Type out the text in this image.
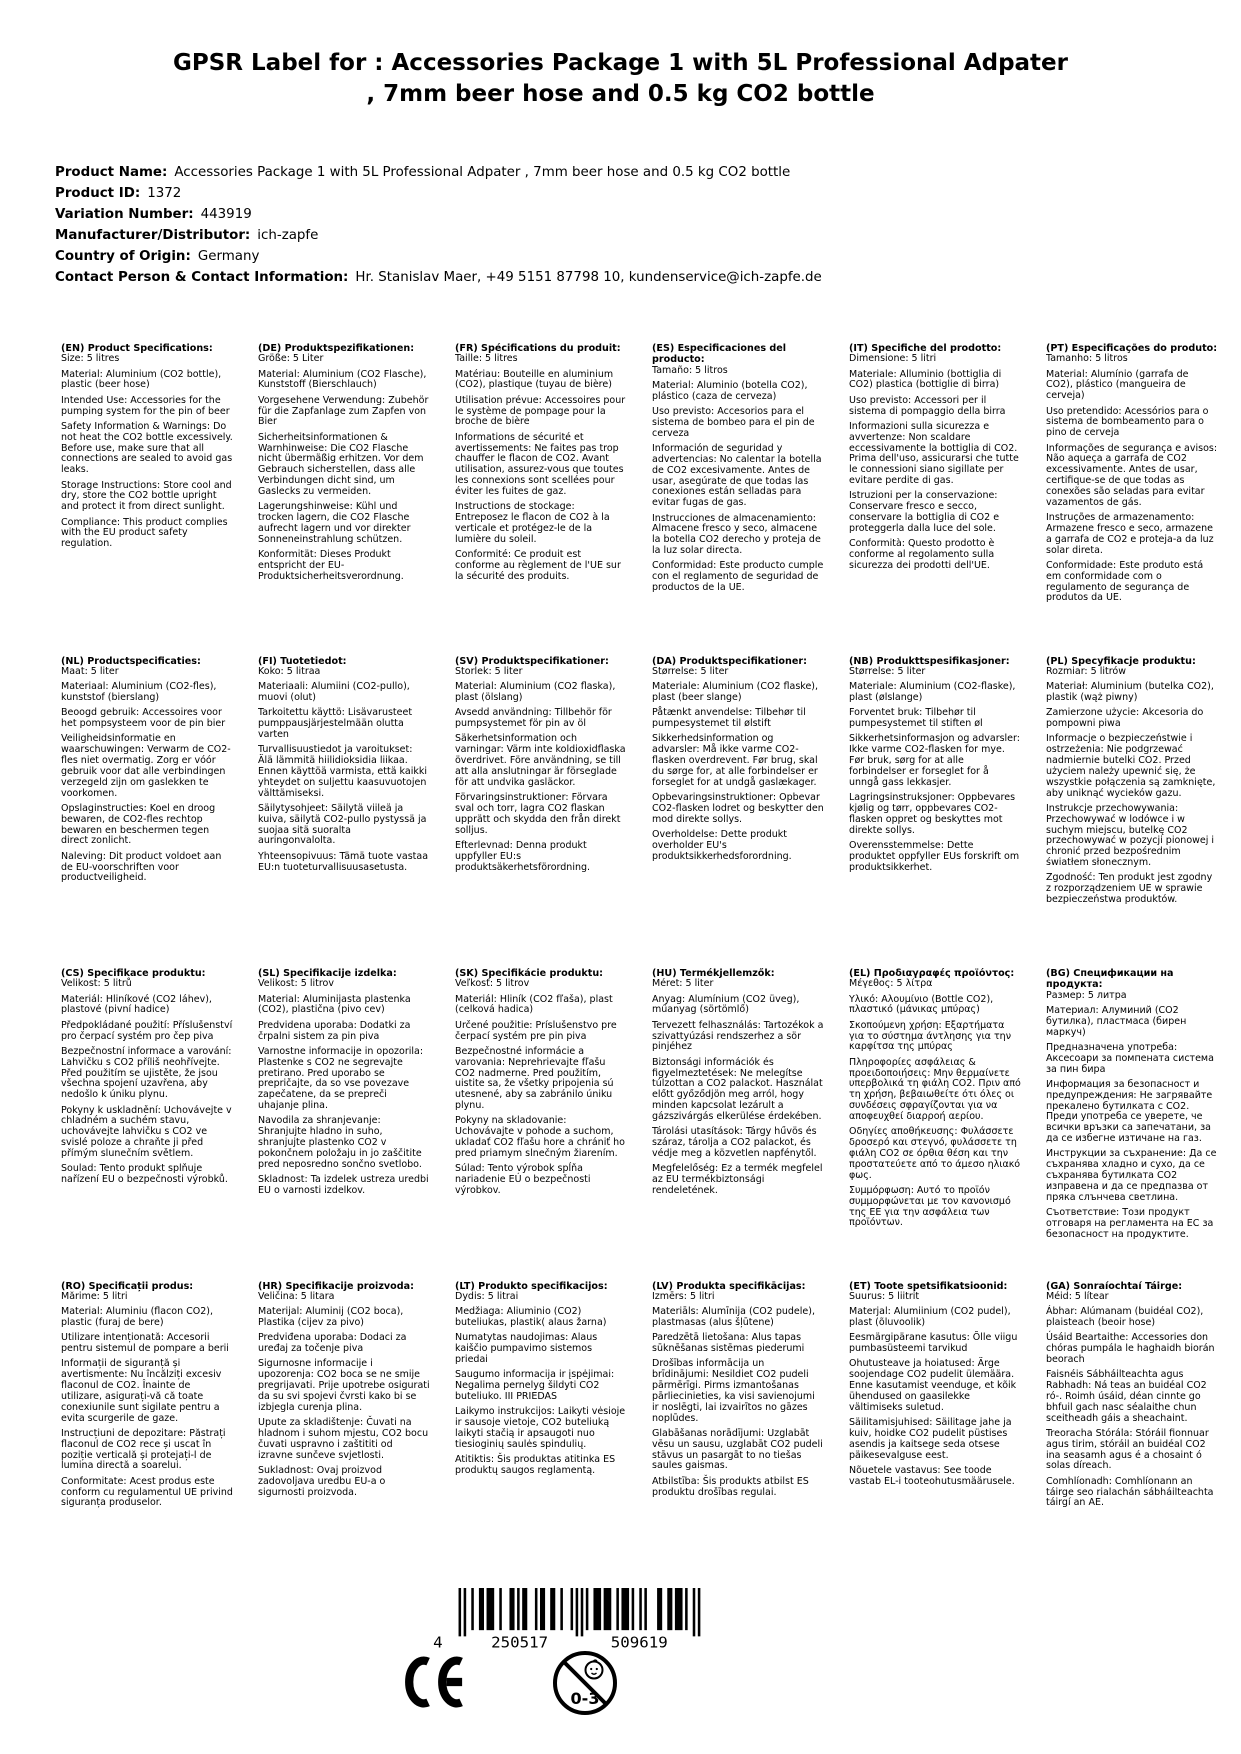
GPSR Label for : Accessories Package 1 with 5L Professional Adpater
, 7mm beer hose and 0.5 kg CO2 bottle
Product Name: Accessories Package 1 with 5L Professional Adpater , 7mm beer hose and 0.5 kg CO2 bottle
Product ID: 1372
Variation Number: 443919
Manufacturer/Distributor: ich-zapfe
Country of Origin: Germany
Contact Person & Contact Information: Hr. Stanislav Maer, +49 5151 87798 10, kundenservice@ich-zapfe.de
(EN) Product Specifications:

Size: 5 litres

Material: Aluminium (CO2 bottle), plastic (beer hose)

Intended Use: Accessories for the pumping system for the pin of beer

Safety Information & Warnings: Do not heat the CO2 bottle excessively. Before use, make sure that all connections are sealed to avoid gas leaks.

Storage Instructions: Store cool and dry, store the CO2 bottle upright and protect it from direct sunlight.

Compliance: This product complies with the EU product safety regulation.

(DE) Produktspezifikationen:

Größe: 5 Liter

Material: Aluminium (CO2 Flasche), Kunststoff (Bierschlauch)

Vorgesehene Verwendung: Zubehör für die Zapfanlage zum Zapfen von Bier

Sicherheitsinformationen & Warnhinweise: Die CO2 Flasche nicht übermäßig erhitzen. Vor dem Gebrauch sicherstellen, dass alle Verbindungen dicht sind, um Gaslecks zu vermeiden.

Lagerungshinweise: Kühl und trocken lagern, die CO2 Flasche aufrecht lagern und vor direkter Sonneneinstrahlung schützen.

Konformität: Dieses Produkt entspricht der EU-Produktsicherheitsverordnung.

(FR) Spécifications du produit:

Taille: 5 litres

Matériau: Bouteille en aluminium (CO2), plastique (tuyau de bière)

Utilisation prévue: Accessoires pour le système de pompage pour la broche de bière

Informations de sécurité et avertissements: Ne faites pas trop chauffer le flacon de CO2. Avant utilisation, assurez-vous que toutes les connexions sont scellées pour éviter les fuites de gaz.

Instructions de stockage: Entreposez le flacon de CO2 à la verticale et protégez-le de la lumière du soleil.

Conformité: Ce produit est conforme au règlement de l'UE sur la sécurité des produits.

(ES) Especificaciones del producto:

Tamaño: 5 litros

Material: Aluminio (botella CO2), plástico (caza de cerveza)

Uso previsto: Accesorios para el sistema de bombeo para el pin de cerveza

Información de seguridad y advertencias: No calentar la botella de CO2 excesivamente. Antes de usar, asegúrate de que todas las conexiones están selladas para evitar fugas de gas.

Instrucciones de almacenamiento: Almacene fresco y seco, almacene la botella CO2 derecho y proteja de la luz solar directa.

Conformidad: Este producto cumple con el reglamento de seguridad de productos de la UE.

(IT) Specifiche del prodotto:

Dimensione: 5 litri

Materiale: Alluminio (bottiglia di CO2) plastica (bottiglie di birra)

Uso previsto: Accessori per il sistema di pompaggio della birra

Informazioni sulla sicurezza e avvertenze: Non scaldare eccessivamente la bottiglia di CO2. Prima dell'uso, assicurarsi che tutte le connessioni siano sigillate per evitare perdite di gas.

Istruzioni per la conservazione: Conservare fresco e secco, conservare la bottiglia di CO2 e proteggerla dalla luce del sole.

Conformità: Questo prodotto è conforme al regolamento sulla sicurezza dei prodotti dell'UE.

(PT) Especificações do produto:

Tamanho: 5 litros

Material: Alumínio (garrafa de CO2), plástico (mangueira de cerveja)

Uso pretendido: Acessórios para o sistema de bombeamento para o pino de cerveja

Informações de segurança e avisos: Não aqueça a garrafa de CO2 excessivamente. Antes de usar, certifique-se de que todas as conexões são seladas para evitar vazamentos de gás.

Instruções de armazenamento: Armazene fresco e seco, armazene a garrafa de CO2 e proteja-a da luz solar direta.

Conformidade: Este produto está em conformidade com o regulamento de segurança de produtos da UE.

(NL) Productspecificaties:

Maat: 5 liter

Materiaal: Aluminium (CO2-fles), kunststof (bierslang)

Beoogd gebruik: Accessoires voor het pompsysteem voor de pin bier

Veiligheidsinformatie en waarschuwingen: Verwarm de CO2-fles niet overmatig. Zorg er vóór gebruik voor dat alle verbindingen verzegeld zijn om gaslekken te voorkomen.

Opslaginstructies: Koel en droog bewaren, de CO2-fles rechtop bewaren en beschermen tegen direct zonlicht.

Naleving: Dit product voldoet aan de EU-voorschriften voor productveiligheid.

(FI) Tuotetiedot:

Koko: 5 litraa

Materiaali: Alumiini (CO2-pullo), muovi (olut)

Tarkoitettu käyttö: Lisävarusteet pumppausjärjestelmään olutta varten

Turvallisuustiedot ja varoitukset: Älä lämmitä hiilidioksidia liikaa. Ennen käyttöä varmista, että kaikki yhteydet on suljettu kaasuvuotojen välttämiseksi.

Säilytysohjeet: Säilytä viileä ja kuiva, säilytä CO2-pullo pystyssä ja suojaa sitä suoralta auringonvalolta.

Yhteensopivuus: Tämä tuote vastaa EU:n tuoteturvallisuusasetusta.

(SV) Produktspecifikationer:

Storlek: 5 liter

Material: Aluminium (CO2 flaska), plast (ölslang)

Avsedd användning: Tillbehör för pumpsystemet för pin av öl

Säkerhetsinformation och varningar: Värm inte koldioxidflaska överdrivet. Före användning, se till att alla anslutningar är förseglade för att undvika gasläckor.

Förvaringsinstruktioner: Förvara sval och torr, lagra CO2 flaskan upprätt och skydda den från direkt solljus.

Efterlevnad: Denna produkt uppfyller EU:s produktsäkerhetsförordning.

(DA) Produktspecifikationer:

Størrelse: 5 liter

Materiale: Aluminium (CO2 flaske), plast (beer slange)

Påtænkt anvendelse: Tilbehør til pumpesystemet til ølstift

Sikkerhedsinformation og advarsler: Må ikke varme CO2-flasken overdrevent. Før brug, skal du sørge for, at alle forbindelser er forseglet for at undgå gaslækager.

Opbevaringsinstruktioner: Opbevar CO2-flasken lodret og beskytter den mod direkte sollys.

Overholdelse: Dette produkt overholder EU's produktsikkerhedsforordning.

(NB) Produkttspesifikasjoner:

Størrelse: 5 liter

Materiale: Aluminium (CO2-flaske), plast (ølslange)

Forventet bruk: Tilbehør til pumpesystemet til stiften øl

Sikkerhetsinformasjon og advarsler: Ikke varme CO2-flasken for mye. Før bruk, sørg for at alle forbindelser er forseglet for å unngå gass lekkasjer.

Lagringsinstruksjoner: Oppbevares kjølig og tørr, oppbevares CO2-flasken oppret og beskyttes mot direkte sollys.

Overensstemmelse: Dette produktet oppfyller EUs forskrift om produktsikkerhet.

(PL) Specyfikacje produktu:

Rozmiar: 5 litrów

Materiał: Aluminium (butelka CO2), plastik (wąż piwny)

Zamierzone użycie: Akcesoria do pompowni piwa

Informacje o bezpieczeństwie i ostrzeżenia: Nie podgrzewać nadmiernie butelki CO2. Przed użyciem należy upewnić się, że wszystkie połączenia są zamknięte, aby uniknąć wycieków gazu.

Instrukcje przechowywania: Przechowywać w lodówce i w suchym miejscu, butelkę CO2 przechowywać w pozycji pionowej i chronić przed bezpośrednim światłem słonecznym.

Zgodność: Ten produkt jest zgodny z rozporządzeniem UE w sprawie bezpieczeństwa produktów.

(CS) Specifikace produktu:

Velikost: 5 litrů

Materiál: Hliníkové (CO2 láhev), plastové (pivní hadice)

Předpokládané použití: Příslušenství pro čerpací systém pro čep piva

Bezpečnostní informace a varování: Lahvičku s CO2 příliš neohřívejte. Před použitím se ujistěte, že jsou všechna spojení uzavřena, aby nedošlo k úniku plynu.

Pokyny k uskladnění: Uchovávejte v chladném a suchém stavu, uchovávejte lahvičku s CO2 ve svislé poloze a chraňte ji před přímým slunečním světlem.

Soulad: Tento produkt splňuje nařízení EU o bezpečnosti výrobků.

(SL) Specifikacije izdelka:

Velikost: 5 litrov

Material: Aluminijasta plastenka (CO2), plastična (pivo cev)

Predvidena uporaba: Dodatki za črpalni sistem za pin piva

Varnostne informacije in opozorila: Plastenke s CO2 ne segrevajte pretirano. Pred uporabo se prepričajte, da so vse povezave zapečatene, da se prepreči uhajanje plina.

Navodila za shranjevanje: Shranjujte hladno in suho, shranjujte plastenko CO2 v pokončnem položaju in jo zaščitite pred neposredno sončno svetlobo.

Skladnost: Ta izdelek ustreza uredbi EU o varnosti izdelkov.

(SK) Špecifikácie produktu:

Veľkosť: 5 litrov

Materiál: Hliník (CO2 fľaša), plast (celková hadica)

Určené použitie: Príslušenstvo pre čerpací systém pre pin piva

Bezpečnostné informácie a varovania: Neprehrievajte fľašu CO2 nadmerne. Pred použitím, uistite sa, že všetky pripojenia sú utesnené, aby sa zabránilo úniku plynu.

Pokyny na skladovanie: Uchovávajte v pohode a suchom, ukladať CO2 fľašu hore a chrániť ho pred priamym slnečným žiarením.

Súlad: Tento výrobok spĺňa nariadenie EÚ o bezpečnosti výrobkov.

(HU) Termékjellemzők:

Méret: 5 liter

Anyag: Alumínium (CO2 üveg), műanyag (sörtömlő)

Tervezett felhasználás: Tartozékok a szivattyúzási rendszerhez a sör pinjéhez

Biztonsági információk és figyelmeztetések: Ne melegítse túlzottan a CO2 palackot. Használat előtt győződjön meg arról, hogy minden kapcsolat lezárult a gázszivárgás elkerülése érdekében.

Tárolási utasítások: Tárgy hűvös és száraz, tárolja a CO2 palackot, és védje meg a közvetlen napfénytől.

Megfelelőség: Ez a termék megfelel az EU termékbiztonsági rendeletének.

(EL) Προδιαγραφές προϊόντος:

Μέγεθος: 5 λίτρα

Υλικό: Αλουμίνιο (Bottle CO2), πλαστικό (μάνικας μπύρας)

Σκοπούμενη χρήση: Εξαρτήματα για το σύστημα άντλησης για την καρφίτσα της μπύρας

Πληροφορίες ασφάλειας & προειδοποιήσεις: Μην θερμαίνετε υπερβολικά τη φιάλη CO2. Πριν από τη χρήση, βεβαιωθείτε ότι όλες οι συνδέσεις σφραγίζονται για να αποφευχθεί διαρροή αερίου.

Οδηγίες αποθήκευσης: Φυλάσσετε δροσερό και στεγνό, φυλάσσετε τη φιάλη CO2 σε όρθια θέση και την προστατεύετε από το άμεσο ηλιακό φως.

Συμμόρφωση: Αυτό το προϊόν συμμορφώνεται με τον κανονισμό της ΕΕ για την ασφάλεια των προϊόντων.

(BG) Спецификации на продукта:

Размер: 5 литра

Материал: Алуминий (CO2 бутилка), пластмаса (бирен маркуч)

Предназначена употреба: Аксесоари за помпената система за пин бира

Информация за безопасност и предупреждения: Не загрявайте прекалено бутилката с CO2. Преди употреба се уверете, че всички връзки са запечатани, за да се избегне изтичане на газ.

Инструкции за съхранение: Да се съхранява хладно и сухо, да се съхранява бутилката CO2 изправена и да се предпазва от пряка слънчева светлина.

Съответствие: Този продукт отговаря на регламента на ЕС за безопасност на продуктите.

(RO) Specificații produs:

Mărime: 5 litri

Material: Aluminiu (flacon CO2), plastic (furaj de bere)

Utilizare intenționată: Accesorii pentru sistemul de pompare a berii

Informații de siguranță și avertismente: Nu încălziți excesiv flaconul de CO2. Înainte de utilizare, asigurați-vă că toate conexiunile sunt sigilate pentru a evita scurgerile de gaze.

Instrucțiuni de depozitare: Păstrați flaconul de CO2 rece și uscat în poziție verticală și protejați-l de lumina directă a soarelui.

Conformitate: Acest produs este conform cu regulamentul UE privind siguranța produselor.

(HR) Specifikacije proizvoda:

Veličina: 5 litara

Materijal: Aluminij (CO2 boca), Plastika (cijev za pivo)

Predviđena uporaba: Dodaci za uređaj za točenje piva

Sigurnosne informacije i upozorenja: CO2 boca se ne smije pregrijavati. Prije upotrebe osigurati da su svi spojevi čvrsti kako bi se izbjegla curenja plina.

Upute za skladištenje: Čuvati na hladnom i suhom mjestu, CO2 bocu čuvati uspravno i zaštititi od izravne sunčeve svjetlosti.

Sukladnost: Ovaj proizvod zadovoljava uredbu EU-a o sigurnosti proizvoda.

(LT) Produkto specifikacijos:

Dydis: 5 litrai

Medžiaga: Aliuminio (CO2) buteliukas, plastik( alaus žarna)

Numatytas naudojimas: Alaus kaiščio pumpavimo sistemos priedai

Saugumo informacija ir įspėjimai: Negalima pernelyg šildyti CO2 buteliuko. III PRIEDAS

Laikymo instrukcijos: Laikyti vėsioje ir sausoje vietoje, CO2 buteliuką laikyti stačią ir apsaugoti nuo tiesioginių saulės spindulių.

Atitiktis: Šis produktas atitinka ES produktų saugos reglamentą.

(LV) Produkta specifikācijas:

Izmērs: 5 litri

Materiāls: Alumīnija (CO2 pudele), plastmasas (alus šļūtene)

Paredzētā lietošana: Alus tapas sūknēšanas sistēmas piederumi

Drošības informācija un brīdinājumi: Nesildiet CO2 pudeli pārmērīgi. Pirms izmantošanas pārliecinieties, ka visi savienojumi ir noslēgti, lai izvairītos no gāzes noplūdes.

Glabāšanas norādījumi: Uzglabāt vēsu un sausu, uzglabāt CO2 pudeli stāvus un pasargāt to no tiešas saules gaismas.

Atbilstība: Šis produkts atbilst ES produktu drošības regulai.

(ET) Toote spetsifikatsioonid:

Suurus: 5 liitrit

Materjal: Alumiinium (CO2 pudel), plast (õluvoolik)

Eesmärgipärane kasutus: Õlle viigu pumbasüsteemi tarvikud

Ohutusteave ja hoiatused: Ärge soojendage CO2 pudelit ülemäära. Enne kasutamist veenduge, et kõik ühendused on gaasilekke vältimiseks suletud.

Säilitamisjuhised: Säilitage jahe ja kuiv, hoidke CO2 pudelit püstises asendis ja kaitsege seda otsese päikesevalguse eest.

Nõuetele vastavus: See toode vastab EL-i tooteohutusmäärusele.

(GA) Sonraíochtaí Táirge:

Méid: 5 lítear

Ábhar: Alúmanam (buidéal CO2), plaisteach (beoir hose)

Úsáid Beartaithe: Accessories don chóras pumpála le haghaidh biorán beorach

Faisnéis Sábháilteachta agus Rabhadh: Ná teas an buidéal CO2 ró-. Roimh úsáid, déan cinnte go bhfuil gach nasc séalaithe chun sceitheadh gáis a sheachaint.

Treoracha Stórála: Stóráil fionnuar agus tirim, stóráil an buidéal CO2 ina seasamh agus é a chosaint ó solas díreach.

Comhlíonadh: Comhlíonann an táirge seo rialachán sábháilteachta táirgí an AE.

4	250517	509619
0-3
